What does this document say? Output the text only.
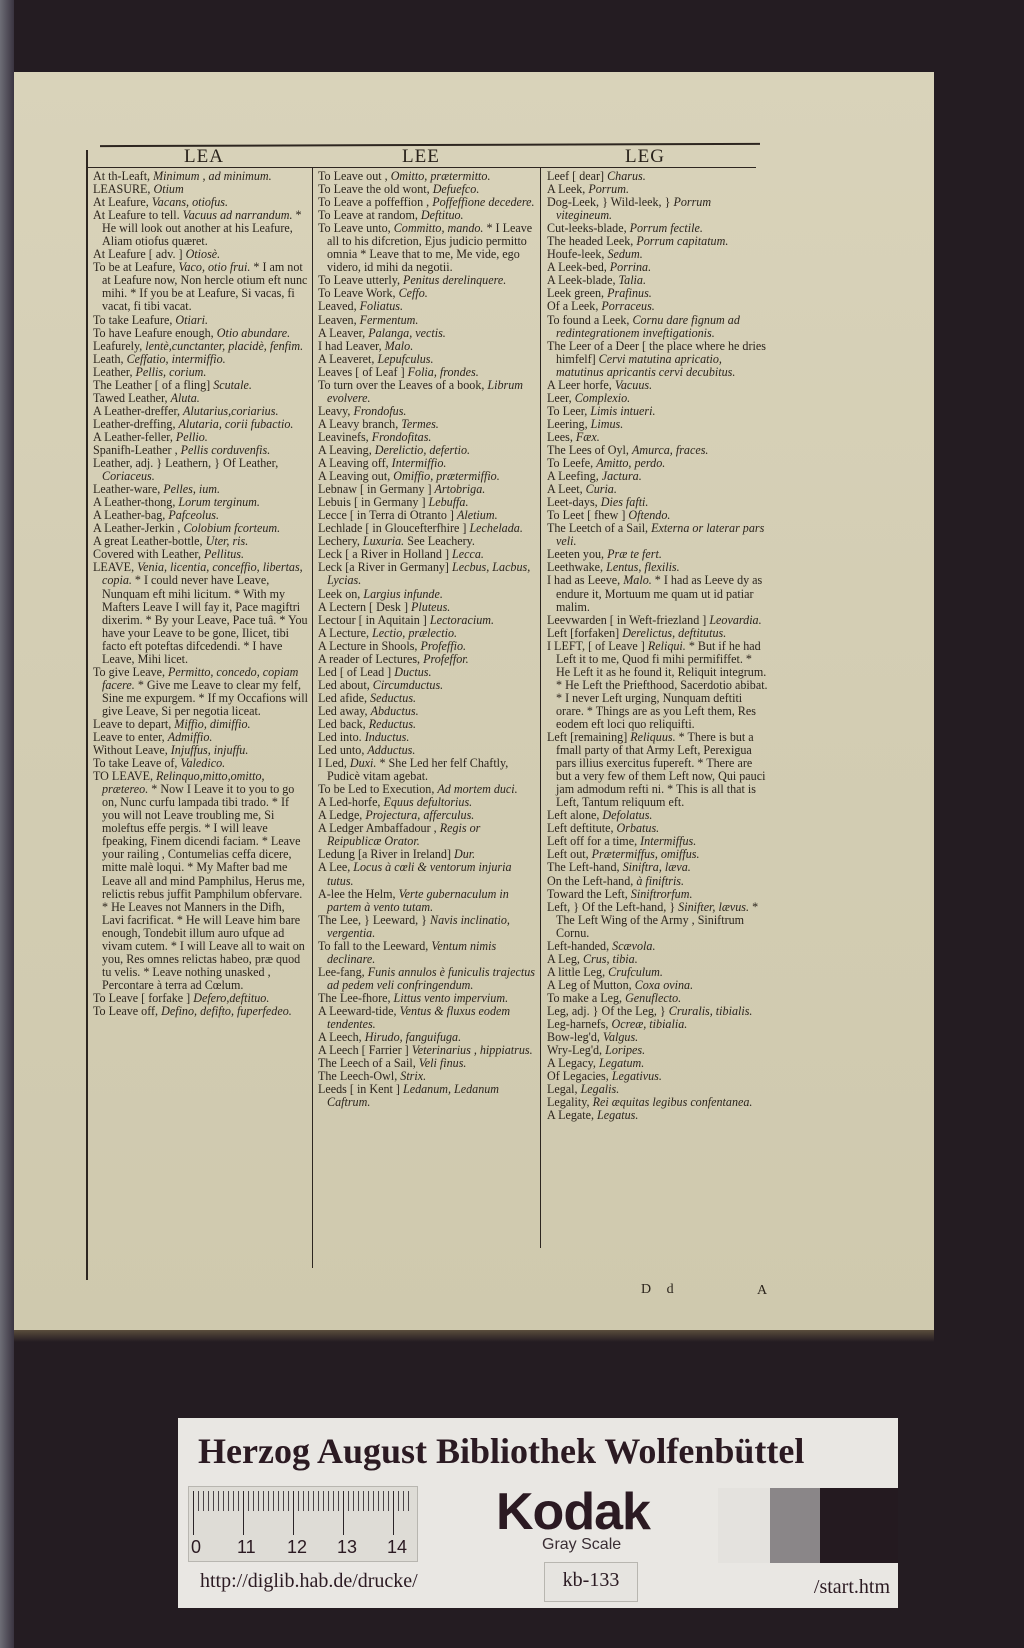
LEA	LEE	LEG

At th-Leaft, Minimum , ad minimum.

LEASURE, Otium

At Leafure, Vacans, otiofus.

At Leafure to tell. Vacuus ad narrandum. * He will look out another at his Leafure, Aliam otiofus quæret.

At Leafure [ adv. ] Otiosè.

To be at Leafure, Vaco, otio frui. * I am not at Leafure now, Non hercle otium eft nunc mihi. * If you be at Leafure, Si vacas, fi vacat, fi tibi vacat.

To take Leafure, Otiari.

To have Leafure enough, Otio abundare.

Leafurely, lentè,cunctanter, placidè, fenfim.

Leath, Ceffatio, intermiffio.

Leather, Pellis, corium.

The Leather [ of a fling] Scutale.

Tawed Leather, Aluta.

A Leather-dreffer, Alutarius,coriarius.

Leather-dreffing, Alutaria, corii fubactio.

A Leather-feller, Pellio.

Spanifh-Leather , Pellis corduvenfis.

Leather, adj. } Leathern, } Of Leather, Coriaceus.

Leather-ware, Pelles, ium.

A Leather-thong, Lorum terginum.

A Leather-bag, Pafceolus.

A Leather-Jerkin , Colobium fcorteum.

A great Leather-bottle, Uter, ris.

Covered with Leather, Pellitus.

LEAVE, Venia, licentia, conceffio, libertas, copia. * I could never have Leave, Nunquam eft mihi licitum. * With my Mafters Leave I will fay it, Pace magiftri dixerim. * By your Leave, Pace tuâ. * You have your Leave to be gone, Ilicet, tibi facto eft poteftas difcedendi. * I have Leave, Mihi licet.

To give Leave, Permitto, concedo, copiam facere. * Give me Leave to clear my felf, Sine me expurgem. * If my Occafions will give Leave, Si per negotia liceat.

Leave to depart, Miffio, dimiffio.

Leave to enter, Admiffio.

Without Leave, Injuffus, injuffu.

To take Leave of, Valedico.

TO LEAVE, Relinquo,mitto,omitto, prætereo. * Now I Leave it to you to go on, Nunc curfu lampada tibi trado. * If you will not Leave troubling me, Si moleftus effe pergis. * I will leave fpeaking, Finem dicendi faciam. * Leave your railing , Contumelias ceffa dicere, mitte malè loqui. * My Mafter bad me Leave all and mind Pamphilus, Herus me, relictis rebus juffit Pamphilum obfervare. * He Leaves not Manners in the Difh, Lavi facrificat. * He will Leave him bare enough, Tondebit illum auro ufque ad vivam cutem. * I will Leave all to wait on you, Res omnes relictas habeo, præ quod tu velis. * Leave nothing unasked , Percontare à terra ad Cœlum.

To Leave [ forfake ] Defero,deftituo.

To Leave off, Defino, defifto, fuperfedeo.

To Leave out , Omitto, prætermitto.

To Leave the old wont, Defuefco.

To Leave a poffeffion , Poffeffione decedere.

To Leave at random, Deftituo.

To Leave unto, Committo, mando. * I Leave all to his difcretion, Ejus judicio permitto omnia * Leave that to me, Me vide, ego videro, id mihi da negotii.

To Leave utterly, Penitus derelinquere.

To Leave Work, Ceffo.

Leaved, Foliatus.

Leaven, Fermentum.

A Leaver, Palanga, vectis.

I had Leaver, Malo.

A Leaveret, Lepufculus.

Leaves [ of Leaf ] Folia, frondes.

To turn over the Leaves of a book, Librum evolvere.

Leavy, Frondofus.

A Leavy branch, Termes.

Leavinefs, Frondofitas.

A Leaving, Derelictio, defertio.

A Leaving off, Intermiffio.

A Leaving out, Omiffio, prætermiffio.

Lebnaw [ in Germany ] Artobriga.

Lebuis [ in Germany ] Lebuffa.

Lecce [ in Terra di Otranto ] Aletium.

Lechlade [ in Gloucefterfhire ] Lechelada.

Lechery, Luxuria. See Leachery.

Leck [ a River in Holland ] Lecca.

Leck [a River in Germany] Lecbus, Lacbus, Lycias.

Leek on, Largius infunde.

A Lectern [ Desk ] Pluteus.

Lectour [ in Aquitain ] Lectoracium.

A Lecture, Lectio, prælectio.

A Lecture in Shools, Profeffio.

A reader of Lectures, Profeffor.

Led [ of Lead ] Ductus.

Led about, Circumductus.

Led afide, Seductus.

Led away, Abductus.

Led back, Reductus.

Led into. Inductus.

Led unto, Adductus.

I Led, Duxi. * She Led her felf Chaftly, Pudicè vitam agebat.

To be Led to Execution, Ad mortem duci.

A Led-horfe, Equus defultorius.

A Ledge, Projectura, afferculus.

A Ledger Ambaffadour , Regis or Reipublicæ Orator.

Ledung [a River in Ireland] Dur.

A Lee, Locus à cœli & ventorum injuria tutus.

A-lee the Helm, Verte gubernaculum in partem à vento tutam.

The Lee, } Leeward, } Navis inclinatio, vergentia.

To fall to the Leeward, Ventum nimis declinare.

Lee-fang, Funis annulos è funiculis trajectus ad pedem veli confringendum.

The Lee-fhore, Littus vento impervium.

A Leeward-tide, Ventus & fluxus eodem tendentes.

A Leech, Hirudo, fanguifuga.

A Leech [ Farrier ] Veterinarius , hippiatrus.

The Leech of a Sail, Veli finus.

The Leech-Owl, Strix.

Leeds [ in Kent ] Ledanum, Ledanum Caftrum.

Leef [ dear] Charus.

A Leek, Porrum.

Dog-Leek, } Wild-leek, } Porrum vitegineum.

Cut-leeks-blade, Porrum fectile.

The headed Leek, Porrum capitatum.

Houfe-leek, Sedum.

A Leek-bed, Porrina.

A Leek-blade, Talia.

Leek green, Prafinus.

Of a Leek, Porraceus.

To found a Leek, Cornu dare fignum ad redintegrationem inveftigationis.

The Leer of a Deer [ the place where he dries himfelf] Cervi matutina apricatio, matutinus apricantis cervi decubitus.

A Leer horfe, Vacuus.

Leer, Complexio.

To Leer, Limis intueri.

Leering, Limus.

Lees, Fæx.

The Lees of Oyl, Amurca, fraces.

To Leefe, Amitto, perdo.

A Leefing, Jactura.

A Leet, Curia.

Leet-days, Dies fafti.

To Leet [ fhew ] Oftendo.

The Leetch of a Sail, Externa or laterar pars veli.

Leeten you, Præ te fert.

Leethwake, Lentus, flexilis.

I had as Leeve, Malo. * I had as Leeve dy as endure it, Mortuum me quam ut id patiar malim.

Leevwarden [ in Weft-friezland ] Leovardia.

Left [forfaken] Derelictus, deftitutus.

I LEFT, [ of Leave ] Reliqui. * But if he had Left it to me, Quod fi mihi permififfet. * He Left it as he found it, Reliquit integrum. * He Left the Priefthood, Sacerdotio abibat. * I never Left urging, Nunquam deftiti orare. * Things are as you Left them, Res eodem eft loci quo reliquifti.

Left [remaining] Reliquus. * There is but a fmall party of that Army Left, Perexigua pars illius exercitus fupereft. * There are but a very few of them Left now, Qui pauci jam admodum refti ni. * This is all that is Left, Tantum reliquum eft.

Left alone, Defolatus.

Left deftitute, Orbatus.

Left off for a time, Intermiffus.

Left out, Prætermiffus, omiffus.

The Left-hand, Siniftra, læva.

On the Left-hand, à finiftris.

Toward the Left, Siniftrorfum.

Left, } Of the Left-hand, } Sinifter, lævus. * The Left Wing of the Army , Siniftrum Cornu.

Left-handed, Scævola.

A Leg, Crus, tibia.

A little Leg, Crufculum.

A Leg of Mutton, Coxa ovina.

To make a Leg, Genuflecto.

Leg, adj. } Of the Leg, } Cruralis, tibialis.

Leg-harnefs, Ocreæ, tibialia.

Bow-leg'd, Valgus.

Wry-Leg'd, Loripes.

A Legacy, Legatum.

Of Legacies, Legativus.

Legal, Legalis.

Legality, Rei æquitas legibus confentanea.

A Legate, Legatus.

D d	A
Herzog August Bibliothek Wolfenbüttel
0 11 12 13 14
Kodak
Gray Scale
http://diglib.hab.de/drucke/	kb-133	/start.htm
